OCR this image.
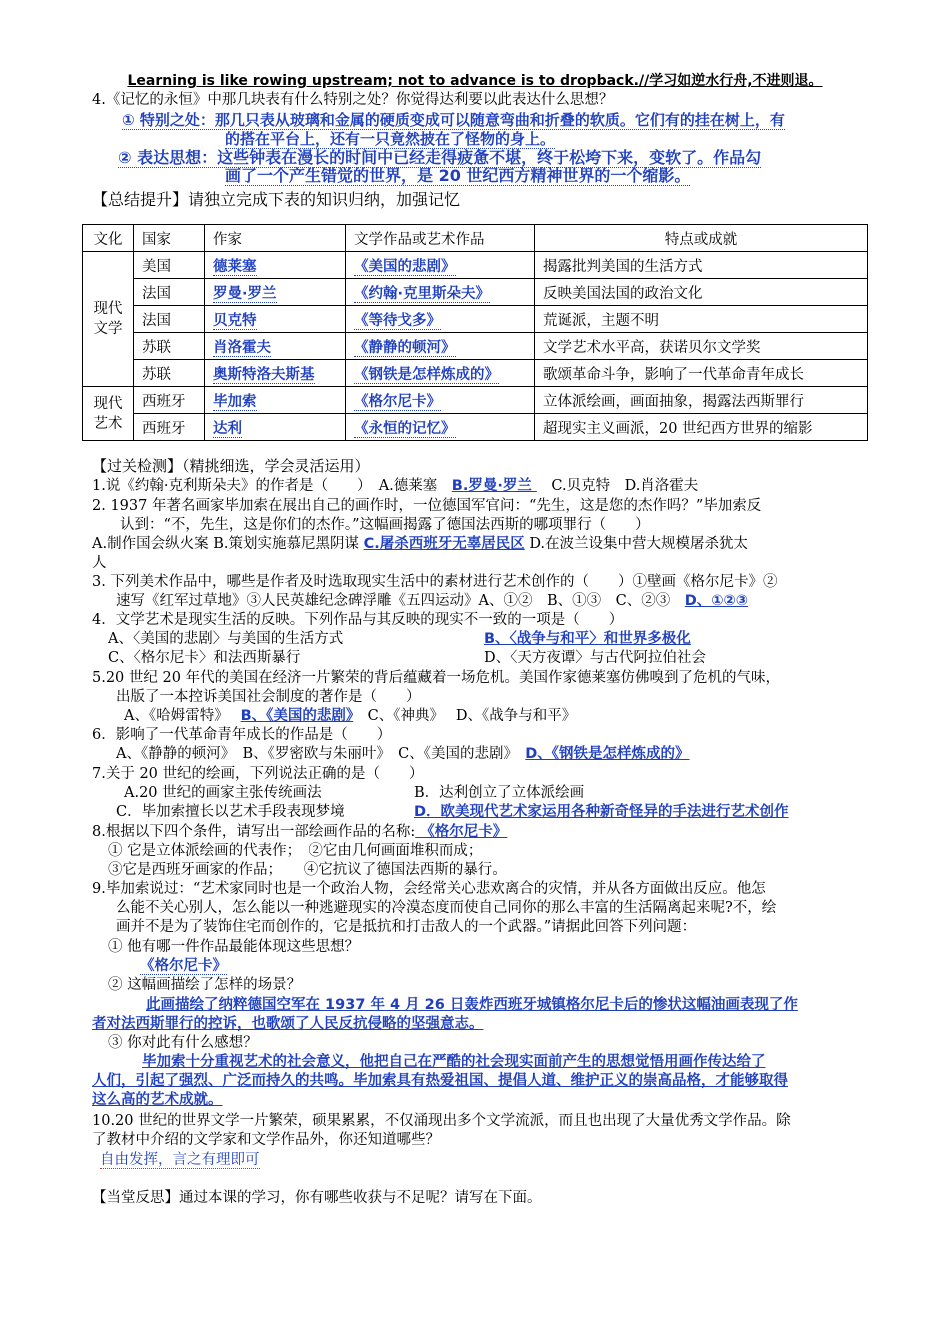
Learning is like rowing upstream; not to advance is to dropback.//学习如逆水行舟,不进则退。
4.《记忆的永恒》中那几块表有什么特别之处？你觉得达利要以此表达什么思想？
① 特别之处：那几只表从玻璃和金属的硬质变成可以随意弯曲和折叠的软质。它们有的挂在树上，有
的搭在平台上，还有一只竟然披在了怪物的身上。
② 表达思想：这些钟表在漫长的时间中已经走得疲惫不堪，终于松垮下来，变软了。作品勾
画了一个产生错觉的世界，是 20 世纪西方精神世界的一个缩影。
【总结提升】请独立完成下表的知识归纳，加强记忆
文化	国家	作家	文学作品或艺术作品	特点或成就
现代文学	美国	德莱塞	《美国的悲剧》	揭露批判美国的生活方式
	法国	罗曼·罗兰	《约翰·克里斯朵夫》	反映美国法国的政治文化
	法国	贝克特	《等待戈多》	荒诞派，主题不明
	苏联	肖洛霍夫	《静静的顿河》	文学艺术水平高，获诺贝尔文学奖
	苏联	奥斯特洛夫斯基	《钢铁是怎样炼成的》	歌颂革命斗争，影响了一代革命青年成长
现代艺术	西班牙	毕加索	《格尔尼卡》	立体派绘画，画面抽象，揭露法西斯罪行
	西班牙	达利	《永恒的记忆》	超现实主义画派，20 世纪西方世界的缩影
【过关检测】（精挑细选，学会灵活运用）
1.说《约翰·克利斯朵夫》的作者是（　　）　A.德莱塞　B.罗曼·罗兰 　C.贝克特　D.肖洛霍夫
2. 1937 年著名画家毕加索在展出自己的画作时，一位德国军官问：“先生，这是您的杰作吗？”毕加索反
认到：“不，先生，这是你们的杰作。”这幅画揭露了德国法西斯的哪项罪行（　　）
A.制作国会纵火案 B.策划实施慕尼黑阴谋 C.屠杀西班牙无辜居民区 D.在波兰设集中营大规模屠杀犹太
人
3. 下列美术作品中，哪些是作者及时选取现实生活中的素材进行艺术创作的（　　）①壁画《格尔尼卡》②
速写《红军过草地》③人民英雄纪念碑浮雕《五四运动》A、①②　B、①③　C、②③　D、①②③
4．文学艺术是现实生活的反映。下列作品与其反映的现实不一致的一项是（　　）
A、〈美国的悲剧〉与美国的生活方式	B、〈战争与和平〉和世界多极化
C、〈格尔尼卡〉和法西斯暴行	D、〈天方夜谭〉与古代阿拉伯社会
5.20 世纪 20 年代的美国在经济一片繁荣的背后蕴藏着一场危机。美国作家德莱塞仿佛嗅到了危机的气味，
出版了一本控诉美国社会制度的著作是（　　）
A、《哈姆雷特》　 B、《美国的悲剧》　 C、《神典》　 D、《战争与和平》
6．影响了一代革命青年成长的作品是（　　）
A、《静静的顿河》　B、《罗密欧与朱丽叶》　C、《美国的悲剧》　D、《钢铁是怎样炼成的》
7.关于 20 世纪的绘画，下列说法正确的是（　　）
A.20 世纪的画家主张传统画法	B．达利创立了立体派绘画
C．毕加索擅长以艺术手段表现梦境	D．欧美现代艺术家运用各种新奇怪异的手法进行艺术创作
8.根据以下四个条件，请写出一部绘画作品的名称: 《格尔尼卡》
① 它是立体派绘画的代表作；　②它由几何画面堆积而成；
③它是西班牙画家的作品；　　④它抗议了德国法西斯的暴行。
9.毕加索说过：“艺术家同时也是一个政治人物，会经常关心悲欢离合的灾情，并从各方面做出反应。他怎
么能不关心别人，怎么能以一种逃避现实的冷漠态度而使自己同你的那么丰富的生活隔离起来呢?不，绘
画并不是为了装饰住宅而创作的，它是抵抗和打击敌人的一个武器。”请据此回答下列问题：
① 他有哪一件作品最能体现这些思想？
《格尔尼卡》
② 这幅画描绘了怎样的场景？
此画描绘了纳粹德国空军在 1937 年 4 月 26 日轰炸西班牙城镇格尔尼卡后的惨状这幅油画表现了作
者对法西斯罪行的控诉，也歌颂了人民反抗侵略的坚强意志。
③ 你对此有什么感想？
毕加索十分重视艺术的社会意义，他把自己在严酷的社会现实面前产生的思想觉悟用画作传达给了
人们，引起了强烈、广泛而持久的共鸣。毕加索具有热爱祖国、提倡人道、维护正义的崇高品格，才能够取得
这么高的艺术成就。
10.20 世纪的世界文学一片繁荣，硕果累累，不仅涌现出多个文学流派，而且也出现了大量优秀文学作品。除
了教材中介绍的文学家和文学作品外，你还知道哪些？
自由发挥，言之有理即可
【当堂反思】通过本课的学习，你有哪些收获与不足呢？请写在下面。
